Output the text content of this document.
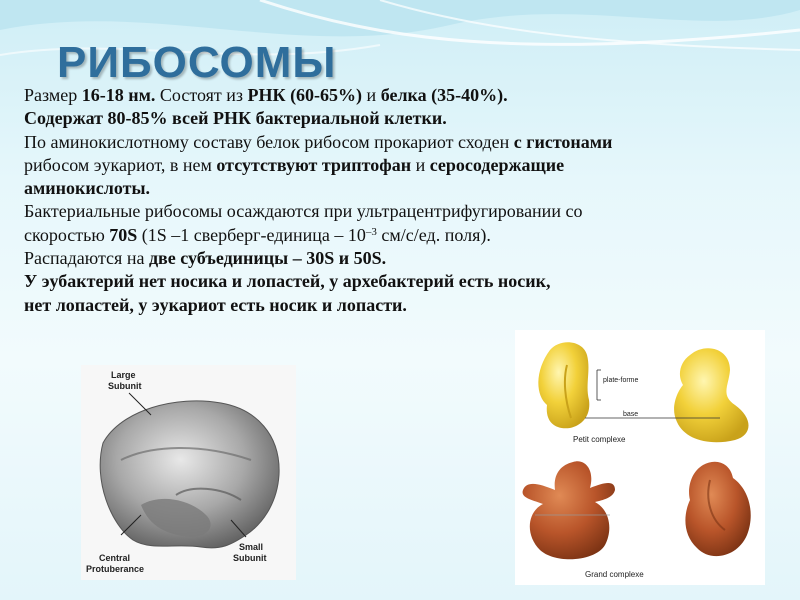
РИБОСОМЫ

Размер 16-18 нм. Состоят из РНК (60-65%) и белка (35-40%).

Содержат 80-85% всей РНК бактериальной клетки.

По аминокислотному составу белок рибосом прокариот сходен с гистонами

рибосом эукариот, в нем отсутствуют триптофан и серосодержащие

аминокислоты.

Бактериальные рибосомы осаждаются при ультрацентрифугировании со

скоростью 70S (1S –1 сверберг-единица – $10^{-3}$ см/с/ед. поля).

Распадаются на две субъединицы – 30S и 50S.

У эубактерий нет носика и лопастей, у архебактерий есть носик,

нет лопастей, у эукариот есть носик и лопасти.

Large
Subunit
Central
Protuberance
Small
Subunit
plate-forme
base
Petit complexe
Grand complexe
